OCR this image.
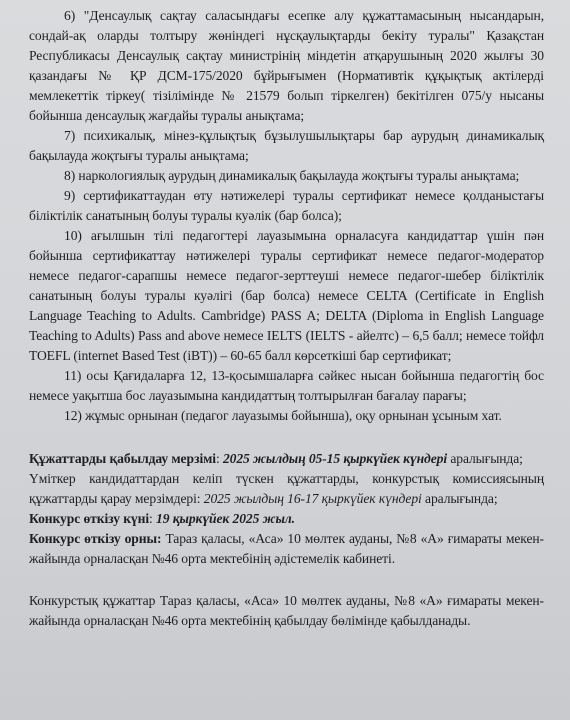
6) "Денсаулық сақтау саласындағы есепке алу құжаттамасының нысандарын, сондай-ақ оларды толтыру жөніндегі нұсқаулықтарды бекіту туралы" Қазақстан Республикасы Денсаулық сақтау министрінің міндетін атқарушының 2020 жылғы 30 қазандағы № ҚР ДСМ-175/2020 бұйрығымен (Нормативтік құқықтық актілерді мемлекеттік тіркеу( тізілімінде № 21579 болып тіркелген) бекітілген 075/у нысаны бойынша денсаулық жағдайы туралы анықтама;

7) психикалық, мінез-құлықтық бұзылушылықтары бар аурудың динамикалық бақылауда жоқтығы туралы анықтама;

8) наркологиялық аурудың динамикалық бақылауда жоқтығы туралы анықтама;

9) сертификаттаудан өту нәтижелері туралы сертификат немесе қолданыстағы біліктілік санатының болуы туралы куәлік (бар болса);

10) ағылшын тілі педагогтері лауазымына орналасуға кандидаттар үшін пән бойынша сертификаттау нәтижелері туралы сертификат немесе педагог-модератор немесе педагог-сарапшы немесе педагог-зерттеуші немесе педагог-шебер біліктілік санатының болуы туралы куәлігі (бар болса) немесе CELTA (Certificate in English Language Teaching to Adults. Cambridge) PASS A; DELTA (Diploma in English Language Teaching to Adults) Pass and above немесе IELTS (IELTS - айелтс) – 6,5 балл; немесе тойфл TOEFL (internet Based Test (iBT)) – 60-65 балл көрсеткіші бар сертификат;

11) осы Қағидаларға 12, 13-қосымшаларға сәйкес нысан бойынша педагогтің бос немесе уақытша бос лауазымына кандидаттың толтырылған бағалау парағы;

12) жұмыс орнынан (педагог лауазымы бойынша), оқу орнынан ұсыным хат.

Құжаттарды қабылдау мерзімі: 2025 жылдың 05-15 қыркүйек күндері аралығында;

Үміткер кандидаттардан келіп түскен құжаттарды, конкурстық комиссиясының құжаттарды қарау мерзімдері: 2025 жылдың 16-17 қыркүйек күндері аралығында;

Конкурс өткізу күні: 19 қыркүйек 2025 жыл.

Конкурс өткізу орны: Тараз қаласы, «Аса» 10 мөлтек ауданы, №8 «А» ғимараты мекен-жайында орналасқан №46 орта мектебінің әдістемелік кабинеті.

Конкурстық құжаттар Тараз қаласы, «Аса» 10 мөлтек ауданы, №8 «А» ғимараты мекен-жайында орналасқан №46 орта мектебінің қабылдау бөлімінде қабылданады.
